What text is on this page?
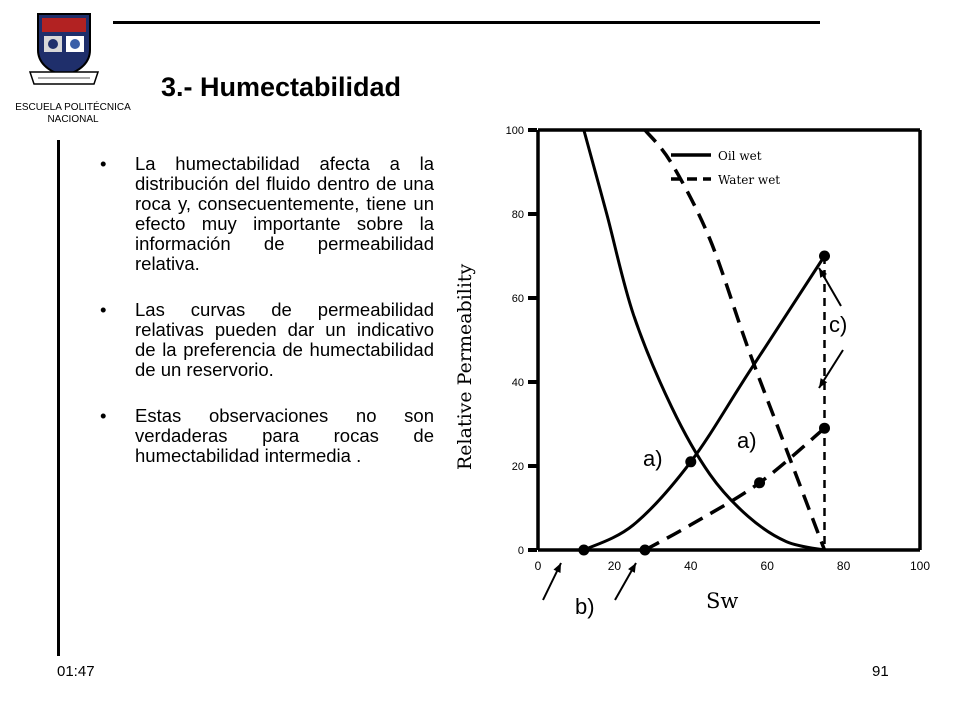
ESCUELA POLITÉCNICA NACIONAL
3.- Humectabilidad
• La humectabilidad afecta a la distribución del fluido dentro de una roca y, consecuentemente, tiene un efecto muy importante sobre la información de permeabilidad relativa.
• Las curvas de permeabilidad relativas pueden dar un indicativo de la preferencia de humectabilidad de un reservorio.
• Estas observaciones no son verdaderas para rocas de humectabilidad intermedia .
0
20
40
60
80
100
0	20	40	60	80	100
Relative Permeability
Sw
Oil wet
Water wet
a)
a)
b)
c)
01:47	91
